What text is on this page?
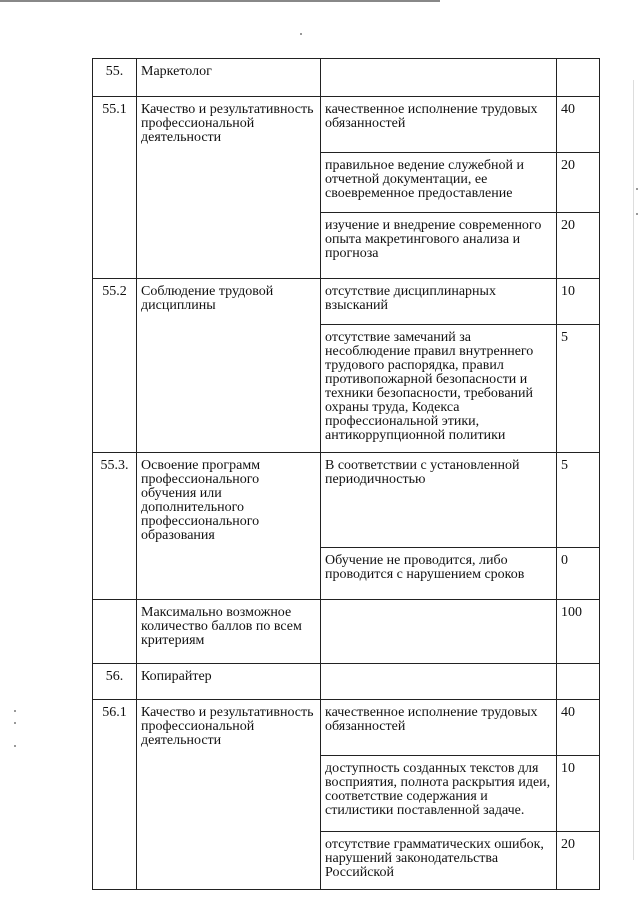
55.	Маркетолог		
55.1	Качество и результативность профессиональной деятельности	качественное исполнение трудовых обязанностей	40
		правильное ведение служебной и отчетной документации, ее своевременное предоставление	20
		изучение и внедрение современного опыта макретингового анализа и прогноза	20
55.2	Соблюдение трудовой дисциплины	отсутствие дисциплинарных взысканий	10
		отсутствие замечаний за несоблюдение правил внутреннего трудового распорядка, правил противопожарной безопасности и техники безопасности, требований охраны труда, Кодекса профессиональной этики, антикоррупционной политики	5
55.3.	Освоение программ профессионального обучения или дополнительного профессионального образования	В соответствии с установленной периодичностью	5
		Обучение не проводится, либо проводится с нарушением сроков	0
	Максимально возможное количество баллов по всем критериям		100
56.	Копирайтер		
56.1	Качество и результативность профессиональной деятельности	качественное исполнение трудовых обязанностей	40
		доступность созданных текстов для восприятия, полнота раскрытия идеи, соответствие содержания и стилистики поставленной задаче.	10
		отсутствие грамматических ошибок, нарушений законодательства Российской	20
